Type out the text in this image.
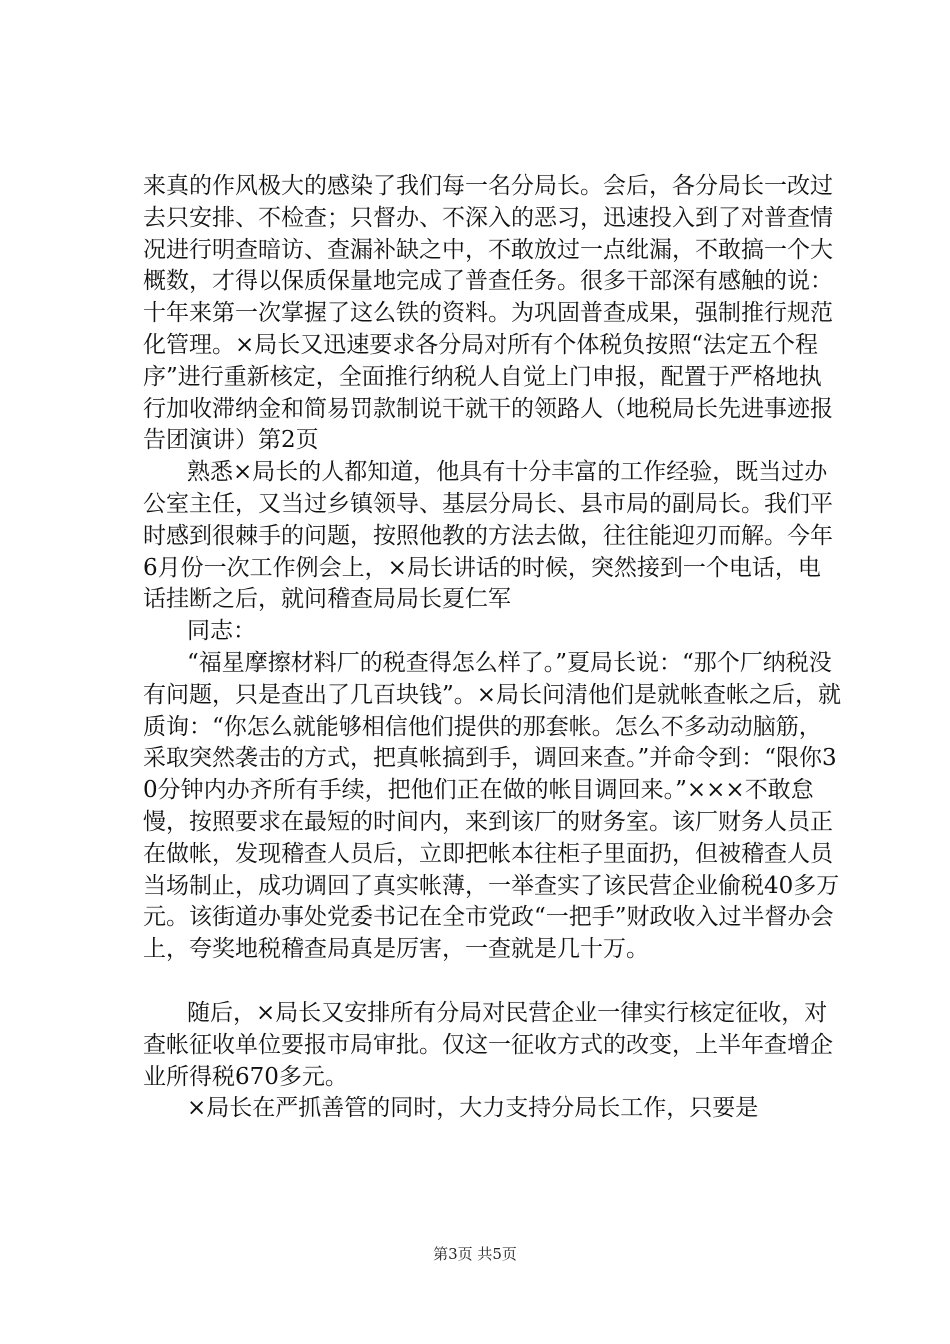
来真的作风极大的感染了我们每一名分局长。会后，各分局长一改过去只安排、不检查；只督办、不深入的恶习，迅速投入到了对普查情况进行明查暗访、查漏补缺之中，不敢放过一点纰漏，不敢搞一个大概数，才得以保质保量地完成了普查任务。很多干部深有感触的说：十年来第一次掌握了这么铁的资料。为巩固普查成果，强制推行规范化管理。×局长又迅速要求各分局对所有个体税负按照“法定五个程序”进行重新核定，全面推行纳税人自觉上门申报，配置于严格地执行加收滞纳金和简易罚款制说干就干的领路人（地税局长先进事迹报告团演讲）第2页

熟悉×局长的人都知道，他具有十分丰富的工作经验，既当过办公室主任，又当过乡镇领导、基层分局长、县市局的副局长。我们平时感到很棘手的问题，按照他教的方法去做，往往能迎刃而解。今年6月份一次工作例会上，×局长讲话的时候，突然接到一个电话，电话挂断之后，就问稽查局局长夏仁军

同志：

“福星摩擦材料厂的税查得怎么样了。”夏局长说：“那个厂纳税没有问题，只是查出了几百块钱”。×局长问清他们是就帐查帐之后，就质询：“你怎么就能够相信他们提供的那套帐。怎么不多动动脑筋，采取突然袭击的方式，把真帐搞到手，调回来查。”并命令到：“限你30分钟内办齐所有手续，把他们正在做的帐目调回来。”×××不敢怠慢，按照要求在最短的时间内，来到该厂的财务室。该厂财务人员正在做帐，发现稽查人员后，立即把帐本往柜子里面扔，但被稽查人员当场制止，成功调回了真实帐薄，一举查实了该民营企业偷税40多万元。该街道办事处党委书记在全市党政“一把手”财政收入过半督办会上，夸奖地税稽查局真是厉害，一查就是几十万。

随后，×局长又安排所有分局对民营企业一律实行核定征收，对查帐征收单位要报市局审批。仅这一征收方式的改变，上半年查增企业所得税670多元。

×局长在严抓善管的同时，大力支持分局长工作，只要是

第3页 共5页
